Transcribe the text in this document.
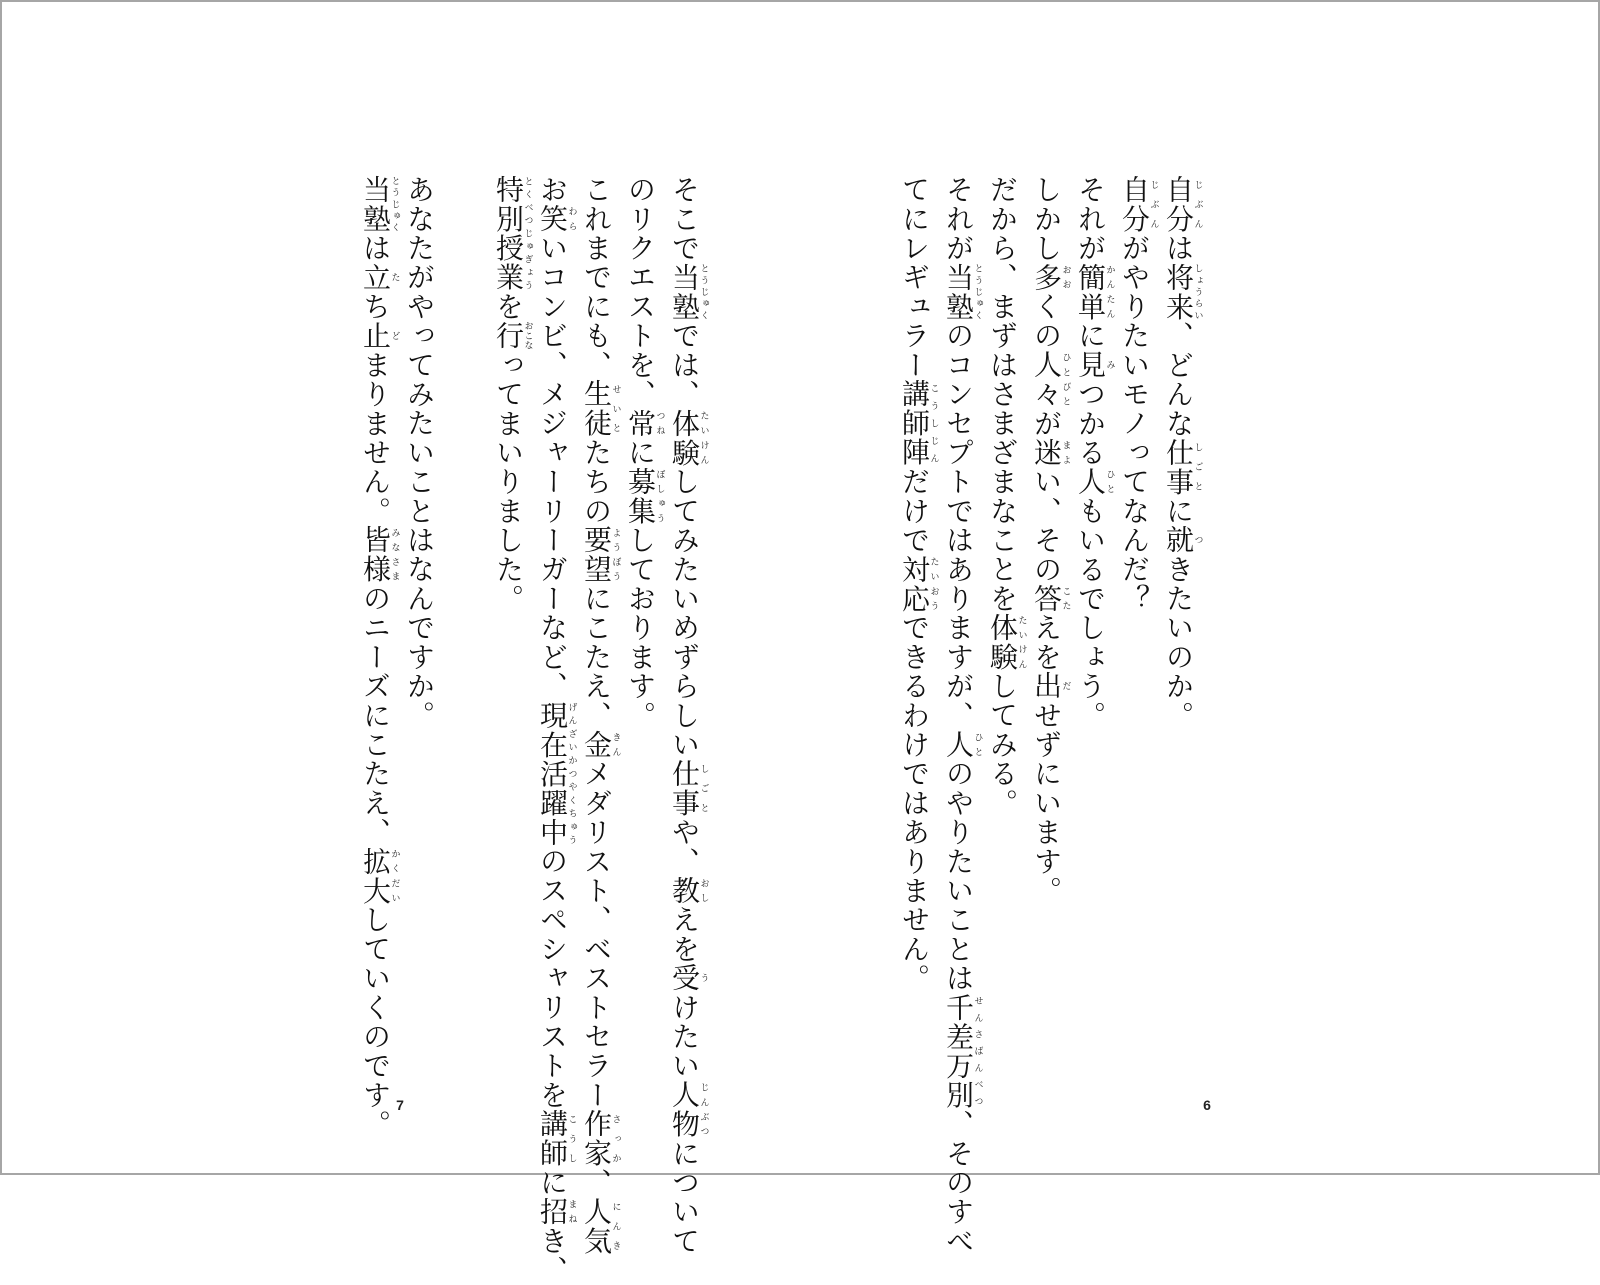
自分じぶんは将来しょうらい、どんな仕事しごとに就つきたいのか。
自分じぶんがやりたいモノってなんだ？
それが簡単かんたんに見みつかる人ひともいるでしょう。
しかし多おおくの人々ひとびとが迷まよい、その答こたえを出だせずにいます。
だから、まずはさまざまなことを体験たいけんしてみる。
それが当塾とうじゅくのコンセプトではありますが、人ひとのやりたいことは千差万別せんさばんべつ、そのすべ
てにレギュラー講師陣こうしじんだけで対応たいおうできるわけではありません。
6
そこで当塾とうじゅくでは、体験たいけんしてみたいめずらしい仕事しごとや、教おしえを受うけたい人物じんぶつについて
のリクエストを、常つねに募集ぼしゅうしております。
これまでにも、生徒せいとたちの要望ようぼうにこたえ、金きんメダリスト、ベストセラー作家さっか、人気にんき
お笑わらいコンビ、メジャーリーガーなど、現在活躍中げんざいかつやくちゅうのスペシャリストを講師こうしに招まねき、
特別授業とくべつじゅぎょうを行おこなってまいりました。
あなたがやってみたいことはなんですか。
当塾とうじゅくは立たち止どまりません。皆様みなさまのニーズにこたえ、拡大かくだいしていくのです。 7
